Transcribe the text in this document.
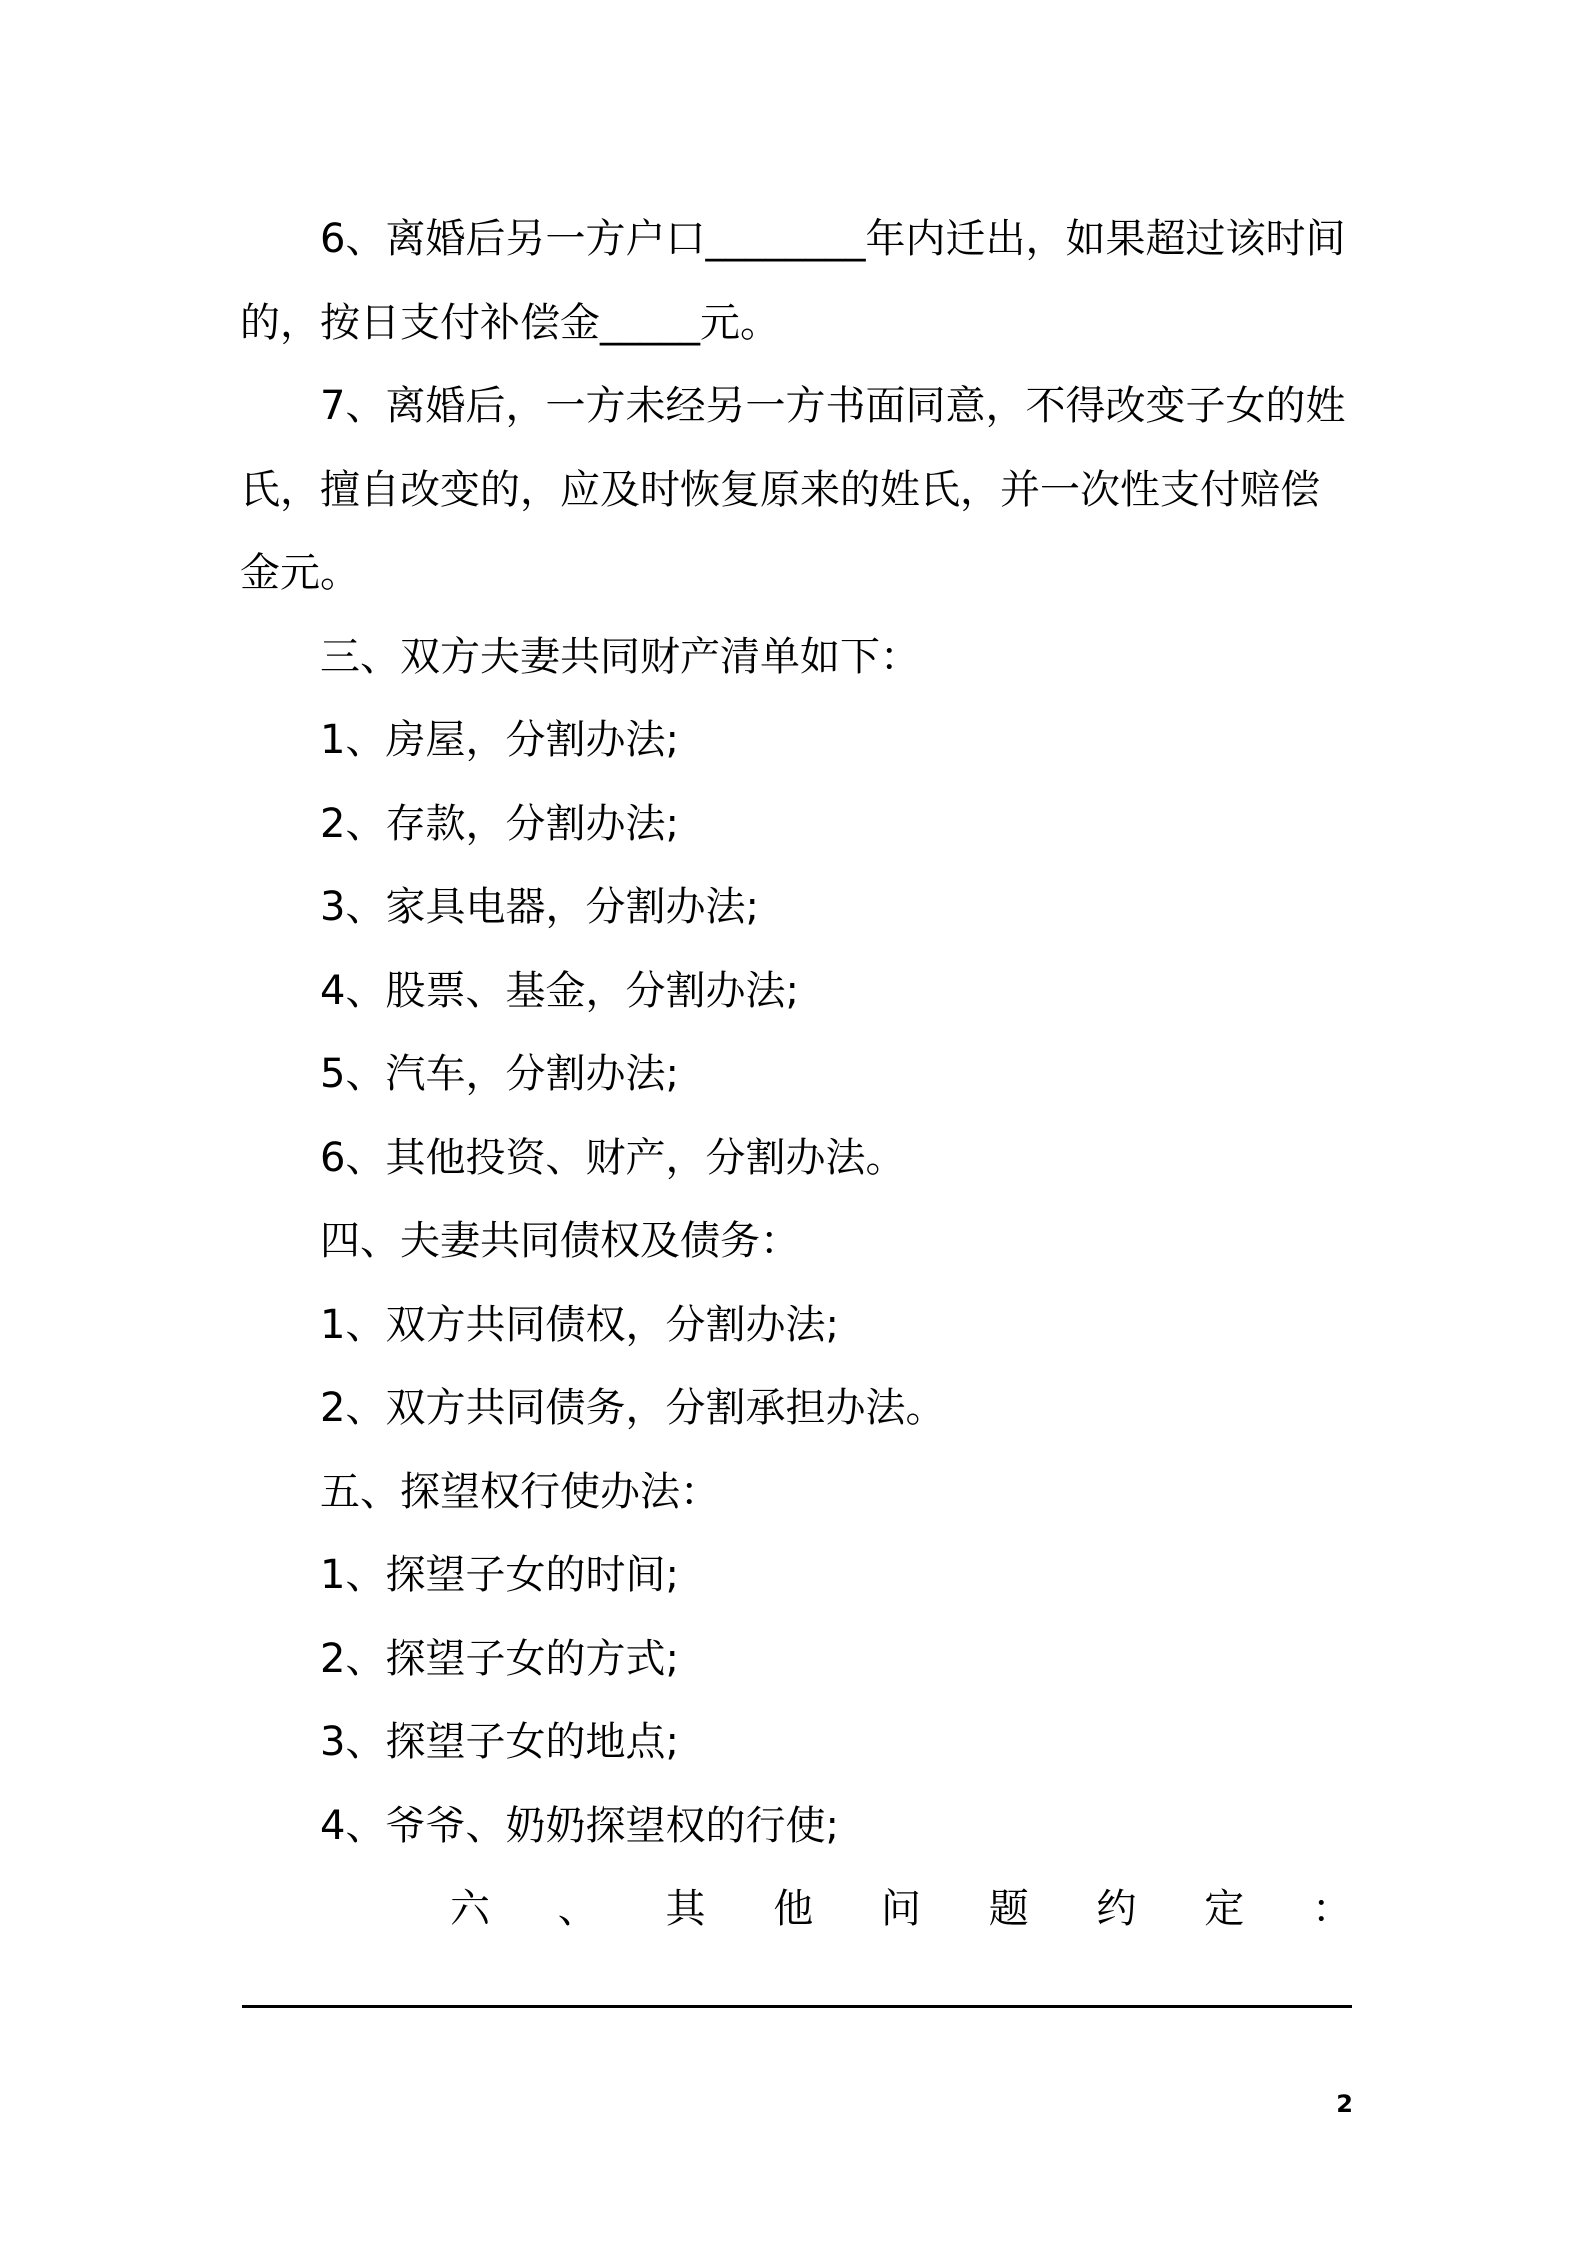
6、离婚后另一方户口________年内迁出，如果超过该时间的，按日支付补偿金_____元。

7、离婚后，一方未经另一方书面同意，不得改变子女的姓氏，擅自改变的，应及时恢复原来的姓氏，并一次性支付赔偿金元。

三、双方夫妻共同财产清单如下：

1、房屋，分割办法;

2、存款，分割办法;

3、家具电器，分割办法;

4、股票、基金，分割办法;

5、汽车，分割办法;

6、其他投资、财产，分割办法。

四、夫妻共同债权及债务：

1、双方共同债权，分割办法;

2、双方共同债务，分割承担办法。

五、探望权行使办法：

1、探望子女的时间;

2、探望子女的方式;

3、探望子女的地点;

4、爷爷、奶奶探望权的行使;

六 、 其 他 问 题 约 定 ：
2
